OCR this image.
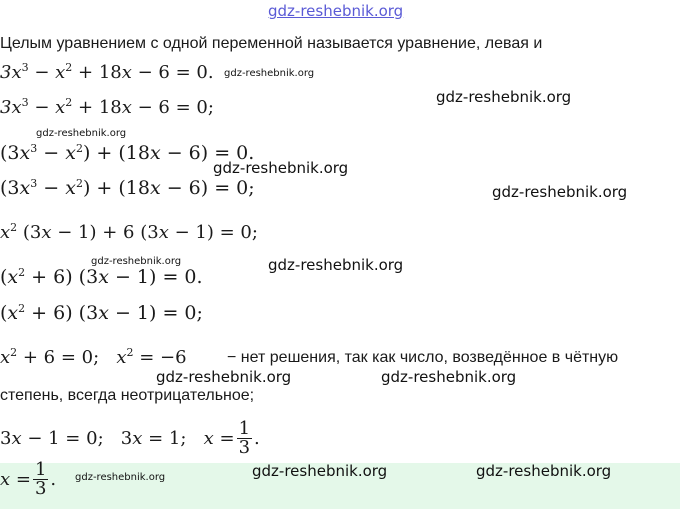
gdz-reshebnik.org
Целым уравнением с одной переменной называется уравнение, левая и
$3x^3 - x^2 + 18x - 6 = 0$. gdz-reshebnik.org
$3x^3 - x^2 + 18x - 6 = 0$;	gdz-reshebnik.org
gdz-reshebnik.org
$(3x^3 - x^2) + (18x - 6) = 0$.
gdz-reshebnik.org
$(3x^3 - x^2) + (18x - 6) = 0$;	gdz-reshebnik.org
$x^2$ (3x − 1) + 6 (3x − 1) = 0;
gdz-reshebnik.org	gdz-reshebnik.org
$(x^2 + 6) (3x - 1) = 0$.
$(x^2 + 6) (3x - 1) = 0$;
$x^2 + 6 = 0$;   $x^2 = -6$	− нет решения, так как число, возведённое в чётную
gdz-reshebnik.org	gdz-reshebnik.org
степень, всегда неотрицательное;
3x − 1 = 0;   3x = 1;   $x = \frac{1}{3}$ .
$x = \frac{1}{3}$ . gdz-reshebnik.org	gdz-reshebnik.org	gdz-reshebnik.org
